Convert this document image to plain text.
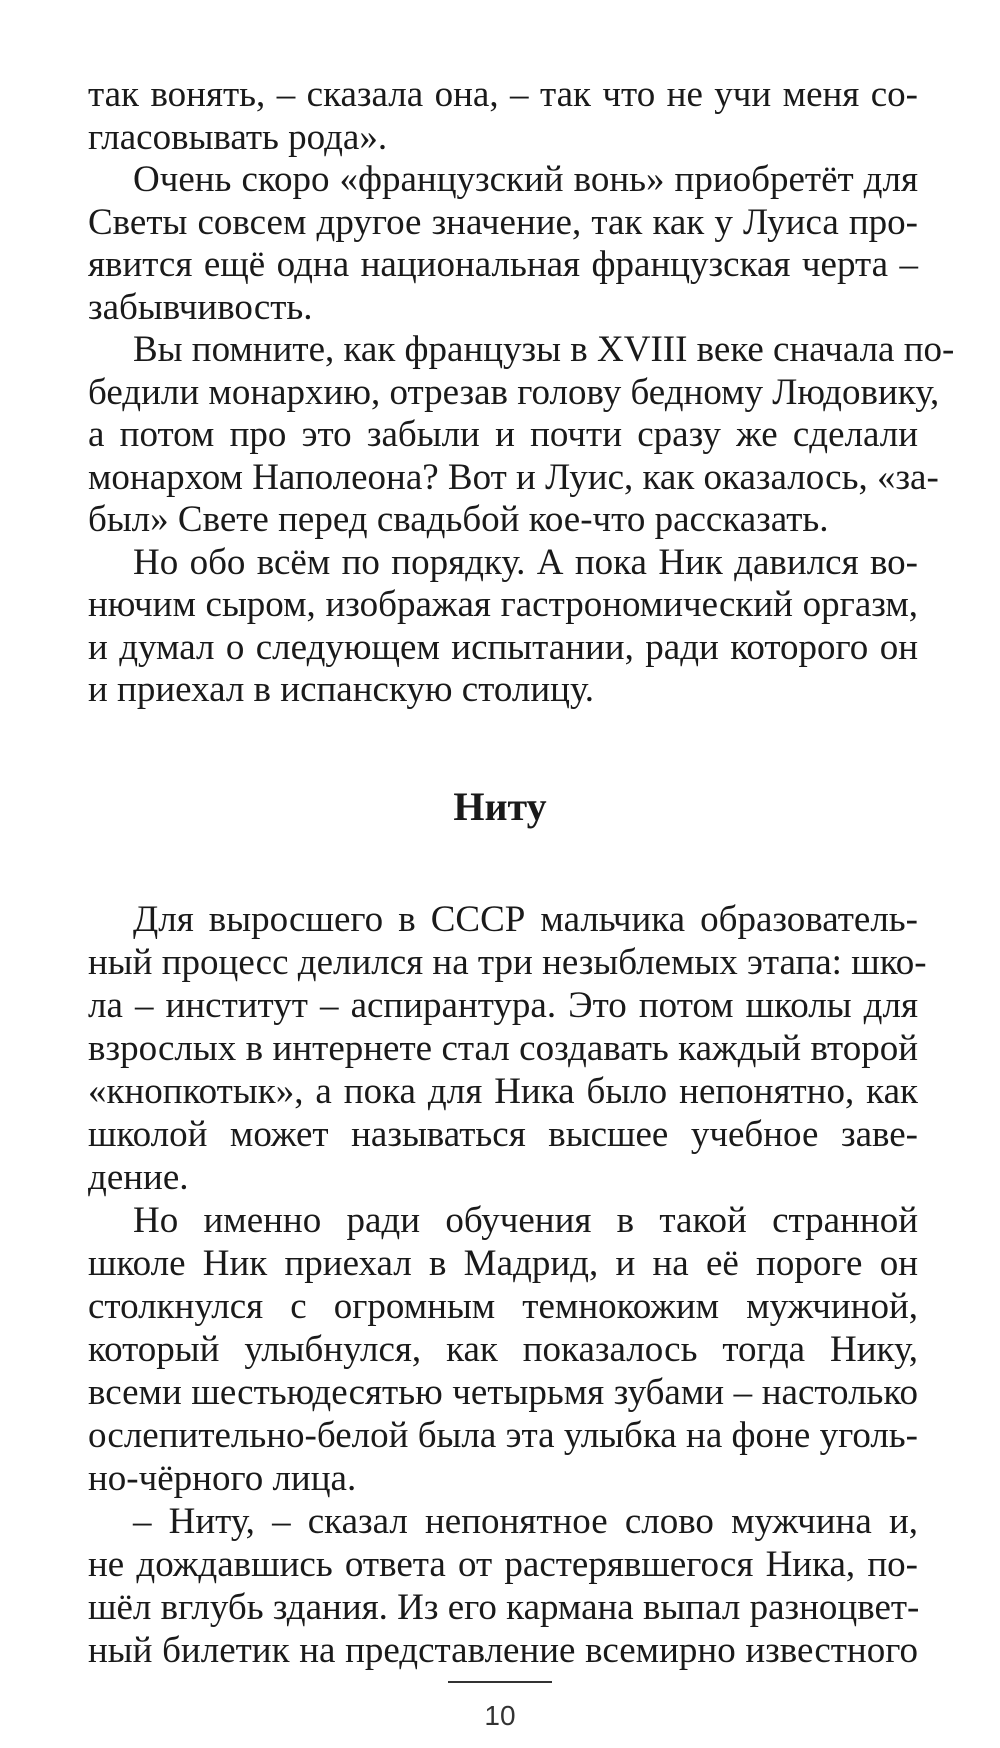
так вонять, – сказала она, – так что не учи меня со-
гласовывать рода».
Очень скоро «французский вонь» приобретёт для
Светы совсем другое значение, так как у Луиса про-
явится ещё одна национальная французская черта –
забывчивость.
Вы помните, как французы в XVIII веке сначала по-
бедили монархию, отрезав голову бедному Людовику,
а потом про это забыли и почти сразу же сделали
монархом Наполеона? Вот и Луис, как оказалось, «за-
был» Свете перед свадьбой кое-что рассказать.
Но обо всём по порядку. А пока Ник давился во-
нючим сыром, изображая гастрономический оргазм,
и думал о следующем испытании, ради которого он
и приехал в испанскую столицу.
Ниту
Для выросшего в СССР мальчика образователь-
ный процесс делился на три незыблемых этапа: шко-
ла – институт – аспирантура. Это потом школы для
взрослых в интернете стал создавать каждый второй
«кнопкотык», а пока для Ника было непонятно, как
школой может называться высшее учебное заве-
дение.
Но именно ради обучения в такой странной
школе Ник приехал в Мадрид, и на её пороге он
столкнулся с огромным темнокожим мужчиной,
который улыбнулся, как показалось тогда Нику,
всеми шестьюдесятью четырьмя зубами – настолько
ослепительно-белой была эта улыбка на фоне уголь-
но-чёрного лица.
– Ниту, – сказал непонятное слово мужчина и,
не дождавшись ответа от растерявшегося Ника, по-
шёл вглубь здания. Из его кармана выпал разноцвет-
ный билетик на представление всемирно известного
10
